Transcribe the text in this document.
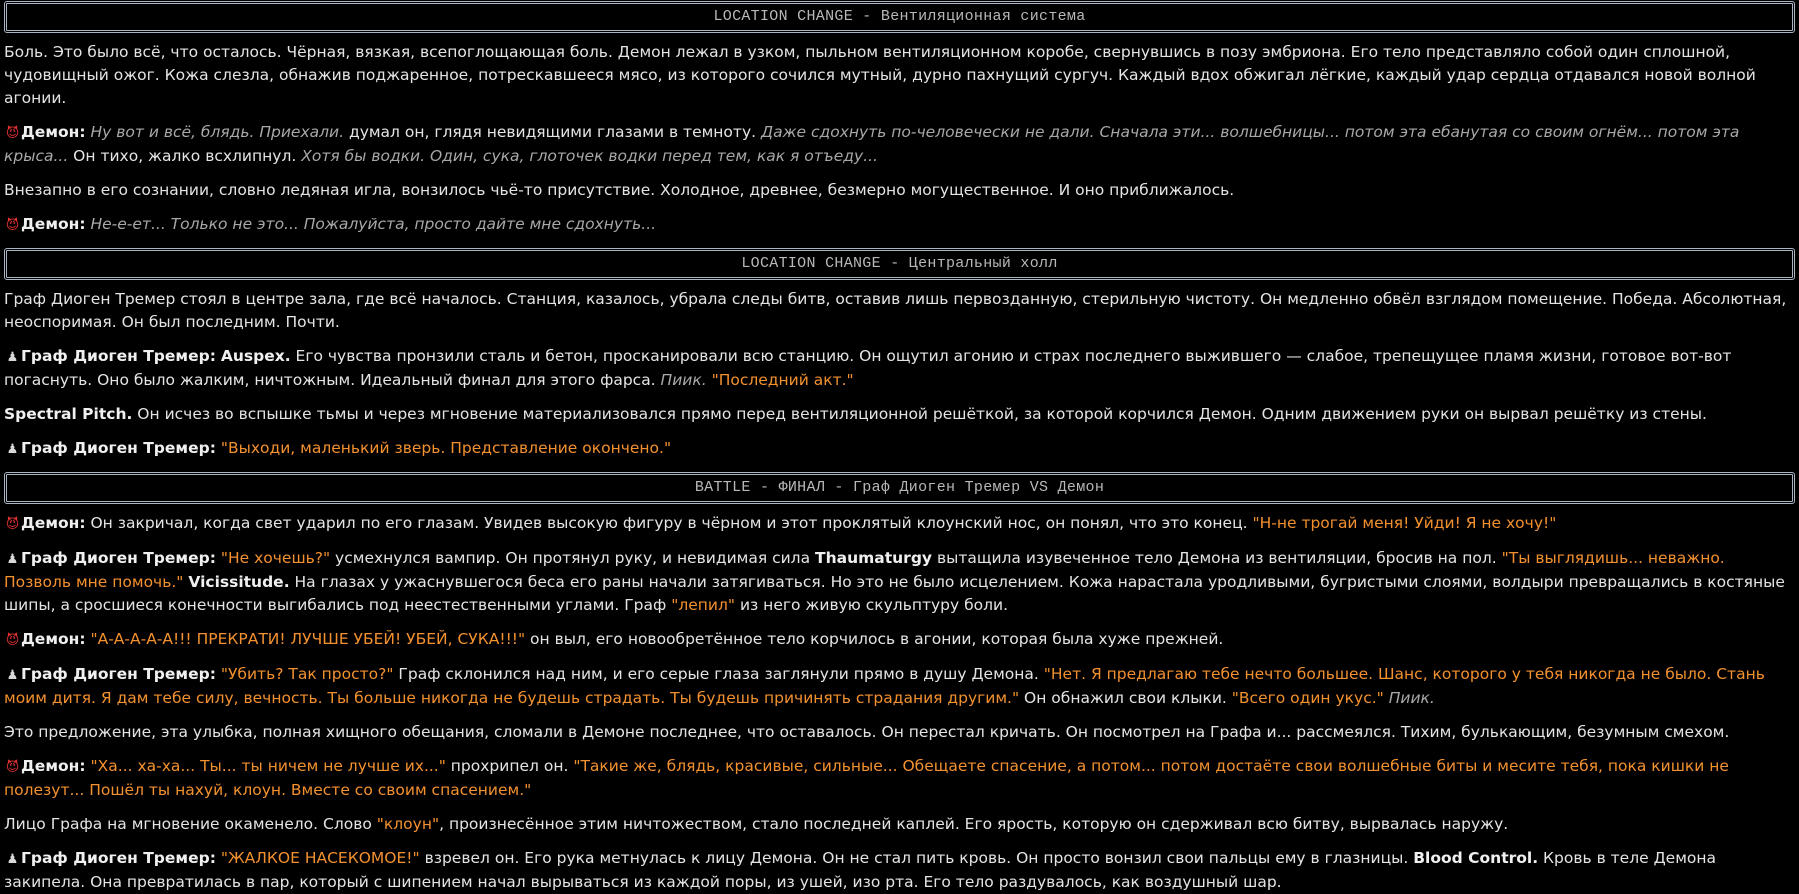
LOCATION CHANGE - Вентиляционная система

Боль. Это было всё, что осталось. Чёрная, вязкая, всепоглощающая боль. Демон лежал в узком, пыльном вентиляционном коробе, свернувшись в позу эмбриона. Его тело представляло собой один сплошной, чудовищный ожог. Кожа слезла, обнажив поджаренное, потрескавшееся мясо, из которого сочился мутный, дурно пахнущий сургуч. Каждый вдох обжигал лёгкие, каждый удар сердца отдавался новой волной агонии.

😈 Демон: Ну вот и всё, блядь. Приехали. думал он, глядя невидящими глазами в темноту. Даже сдохнуть по-человечески не дали. Сначала эти... волшебницы... потом эта ебанутая со своим огнём... потом эта крыса... Он тихо, жалко всхлипнул. Хотя бы водки. Один, сука, глоточек водки перед тем, как я отъеду...

Внезапно в его сознании, словно ледяная игла, вонзилось чьё-то присутствие. Холодное, древнее, безмерно могущественное. И оно приближалось.

😈 Демон: Не-е-ет... Только не это... Пожалуйста, просто дайте мне сдохнуть...

LOCATION CHANGE - Центральный холл

Граф Диоген Тремер стоял в центре зала, где всё началось. Станция, казалось, убрала следы битв, оставив лишь первозданную, стерильную чистоту. Он медленно обвёл взглядом помещение. Победа. Абсолютная, неоспоримая. Он был последним. Почти.

♟ Граф Диоген Тремер: Auspex. Его чувства пронзили сталь и бетон, просканировали всю станцию. Он ощутил агонию и страх последнего выжившего — слабое, трепещущее пламя жизни, готовое вот-вот погаснуть. Оно было жалким, ничтожным. Идеальный финал для этого фарса. Пиик. "Последний акт."

Spectral Pitch. Он исчез во вспышке тьмы и через мгновение материализовался прямо перед вентиляционной решёткой, за которой корчился Демон. Одним движением руки он вырвал решётку из стены.

♟ Граф Диоген Тремер: "Выходи, маленький зверь. Представление окончено."

BATTLE - ФИНАЛ - Граф Диоген Тремер VS Демон

😈 Демон: Он закричал, когда свет ударил по его глазам. Увидев высокую фигуру в чёрном и этот проклятый клоунский нос, он понял, что это конец. "Н-не трогай меня! Уйди! Я не хочу!"

♟ Граф Диоген Тремер: "Не хочешь?" усмехнулся вампир. Он протянул руку, и невидимая сила Thaumaturgy вытащила изувеченное тело Демона из вентиляции, бросив на пол. "Ты выглядишь... неважно. Позволь мне помочь." Vicissitude. На глазах у ужаснувшегося беса его раны начали затягиваться. Но это не было исцелением. Кожа нарастала уродливыми, бугристыми слоями, волдыри превращались в костяные шипы, а сросшиеся конечности выгибались под неестественными углами. Граф "лепил" из него живую скульптуру боли.

😈 Демон: "А-А-А-А-А!!! ПРЕКРАТИ! ЛУЧШЕ УБЕЙ! УБЕЙ, СУКА!!!" он выл, его новообретённое тело корчилось в агонии, которая была хуже прежней.

♟ Граф Диоген Тремер: "Убить? Так просто?" Граф склонился над ним, и его серые глаза заглянули прямо в душу Демона. "Нет. Я предлагаю тебе нечто большее. Шанс, которого у тебя никогда не было. Стань моим дитя. Я дам тебе силу, вечность. Ты больше никогда не будешь страдать. Ты будешь причинять страдания другим." Он обнажил свои клыки. "Всего один укус." Пиик.

Это предложение, эта улыбка, полная хищного обещания, сломали в Демоне последнее, что оставалось. Он перестал кричать. Он посмотрел на Графа и... рассмеялся. Тихим, булькающим, безумным смехом.

😈 Демон: "Ха... ха-ха... Ты... ты ничем не лучше их..." прохрипел он. "Такие же, блядь, красивые, сильные... Обещаете спасение, а потом... потом достаёте свои волшебные биты и месите тебя, пока кишки не полезут... Пошёл ты нахуй, клоун. Вместе со своим спасением."

Лицо Графа на мгновение окаменело. Слово "клоун", произнесённое этим ничтожеством, стало последней каплей. Его ярость, которую он сдерживал всю битву, вырвалась наружу.

♟ Граф Диоген Тремер: "ЖАЛКОЕ НАСЕКОМОЕ!" взревел он. Его рука метнулась к лицу Демона. Он не стал пить кровь. Он просто вонзил свои пальцы ему в глазницы. Blood Control. Кровь в теле Демона закипела. Она превратилась в пар, который с шипением начал вырываться из каждой поры, из ушей, изо рта. Его тело раздувалось, как воздушный шар.
